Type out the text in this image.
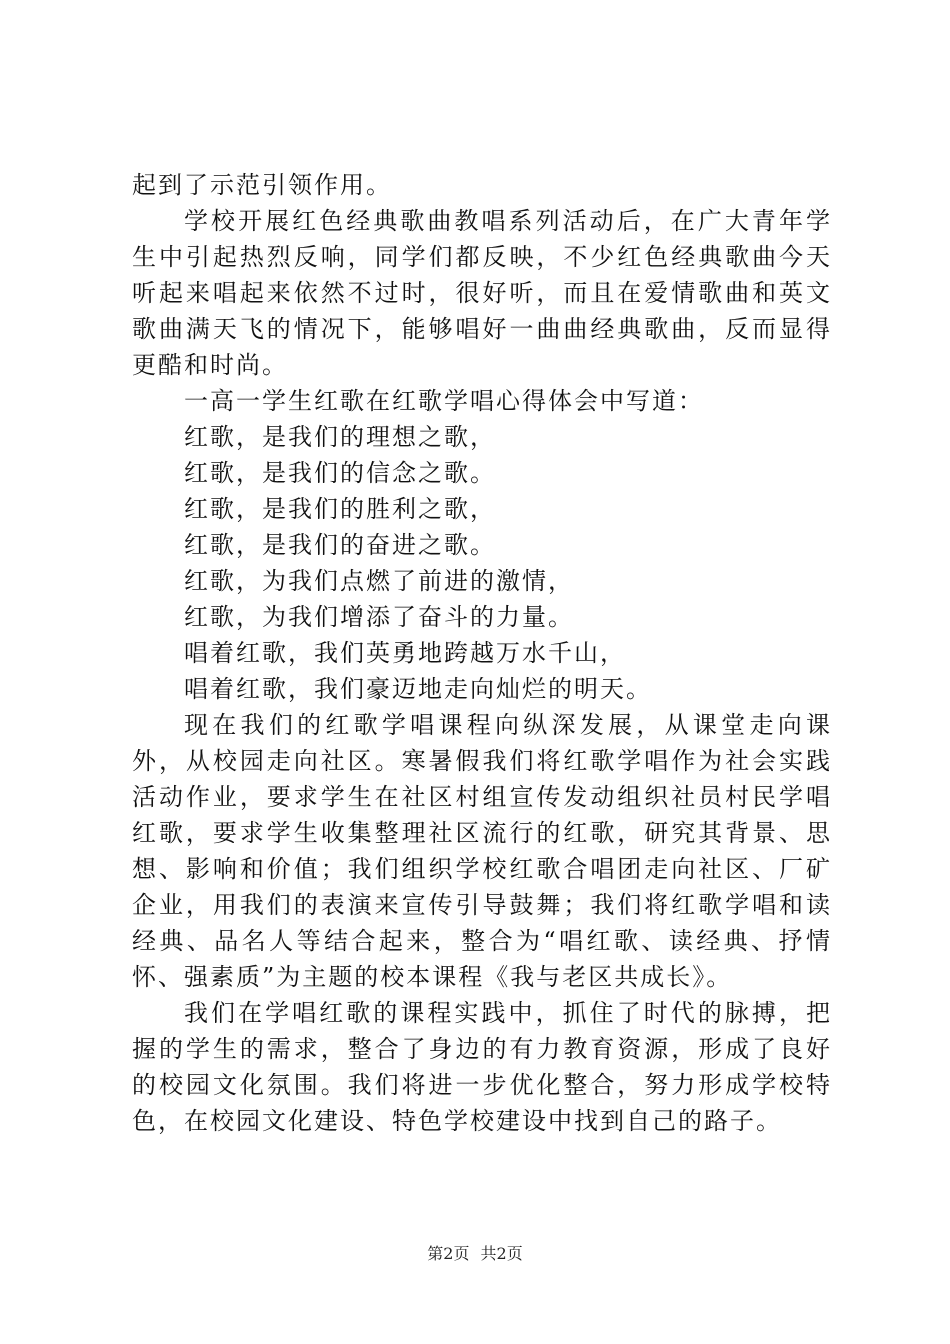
起到了示范引领作用。

学校开展红色经典歌曲教唱系列活动后，在广大青年学生中引起热烈反响，同学们都反映，不少红色经典歌曲今天听起来唱起来依然不过时，很好听，而且在爱情歌曲和英文歌曲满天飞的情况下，能够唱好一曲曲经典歌曲，反而显得更酷和时尚。

一高一学生红歌在红歌学唱心得体会中写道：

红歌，是我们的理想之歌，

红歌，是我们的信念之歌。

红歌，是我们的胜利之歌，

红歌，是我们的奋进之歌。

红歌，为我们点燃了前进的激情，

红歌，为我们增添了奋斗的力量。

唱着红歌，我们英勇地跨越万水千山，

唱着红歌，我们豪迈地走向灿烂的明天。

现在我们的红歌学唱课程向纵深发展，从课堂走向课外，从校园走向社区。寒暑假我们将红歌学唱作为社会实践活动作业，要求学生在社区村组宣传发动组织社员村民学唱红歌，要求学生收集整理社区流行的红歌，研究其背景、思想、影响和价值；我们组织学校红歌合唱团走向社区、厂矿企业，用我们的表演来宣传引导鼓舞；我们将红歌学唱和读经典、品名人等结合起来，整合为“唱红歌、读经典、抒情怀、强素质”为主题的校本课程《我与老区共成长》。

我们在学唱红歌的课程实践中，抓住了时代的脉搏，把握的学生的需求，整合了身边的有力教育资源，形成了良好的校园文化氛围。我们将进一步优化整合，努力形成学校特色，在校园文化建设、特色学校建设中找到自己的路子。

第2页 共2页
